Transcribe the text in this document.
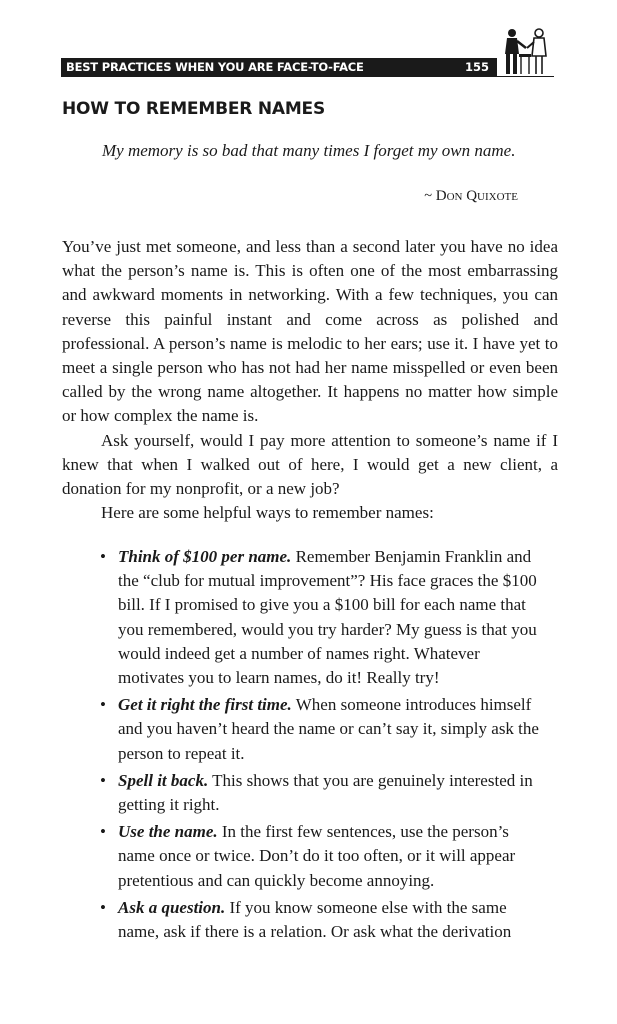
BEST PRACTICES WHEN YOU ARE FACE-TO-FACE	155
HOW TO REMEMBER NAMES
My memory is so bad that many times I forget my own name.
~ Don Quixote

You’ve just met someone, and less than a second later you have no idea what the person’s name is. This is often one of the most embarrassing and awkward moments in networking. With a few techniques, you can reverse this painful instant and come across as polished and professional. A person’s name is melodic to her ears; use it. I have yet to meet a single person who has not had her name misspelled or even been called by the wrong name altogether. It happens no matter how simple or how complex the name is.

Ask yourself, would I pay more attention to someone’s name if I knew that when I walked out of here, I would get a new client, a donation for my nonprofit, or a new job?

Here are some helpful ways to remember names:

• Think of $100 per name. Remember Benjamin Franklin and the “club for mutual improvement”? His face graces the $100 bill. If I promised to give you a $100 bill for each name that you remembered, would you try harder? My guess is that you would indeed get a number of names right. Whatever motivates you to learn names, do it! Really try!
• Get it right the first time. When someone introduces himself and you haven’t heard the name or can’t say it, simply ask the person to repeat it.
• Spell it back. This shows that you are genuinely interested in getting it right.
• Use the name. In the first few sentences, use the person’s name once or twice. Don’t do it too often, or it will appear pretentious and can quickly become annoying.
• Ask a question. If you know someone else with the same name, ask if there is a relation. Or ask what the derivation
